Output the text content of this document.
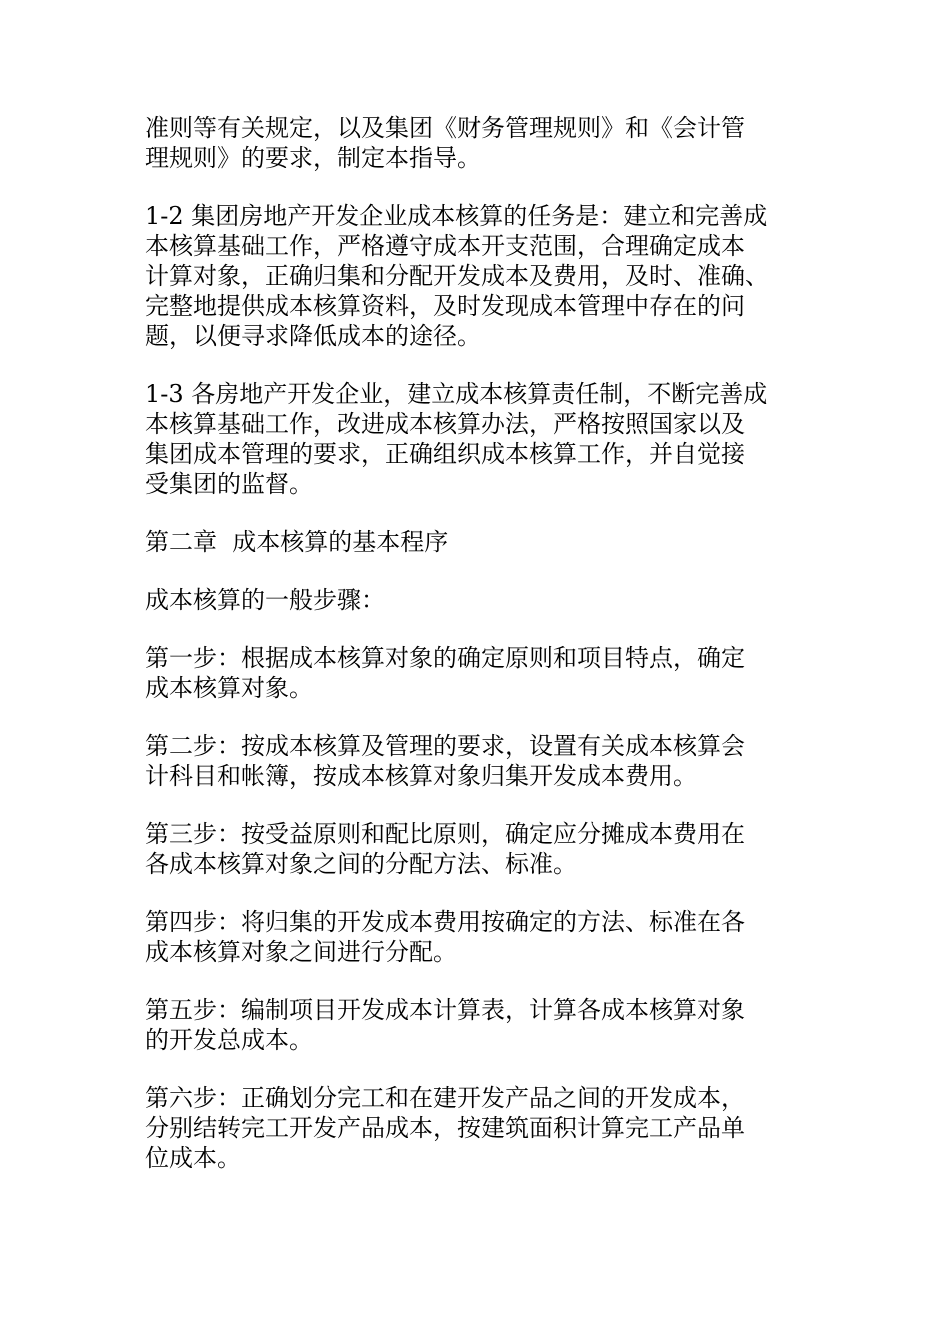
准则等有关规定，以及集团《财务管理规则》和《会计管
理规则》的要求，制定本指导。
1-2 集团房地产开发企业成本核算的任务是：建立和完善成
本核算基础工作，严格遵守成本开支范围，合理确定成本
计算对象，正确归集和分配开发成本及费用，及时、准确、
完整地提供成本核算资料，及时发现成本管理中存在的问
题，以便寻求降低成本的途径。
1-3 各房地产开发企业，建立成本核算责任制，不断完善成
本核算基础工作，改进成本核算办法，严格按照国家以及
集团成本管理的要求，正确组织成本核算工作，并自觉接
受集团的监督。
第二章  成本核算的基本程序
成本核算的一般步骤：
第一步：根据成本核算对象的确定原则和项目特点，确定
成本核算对象。
第二步：按成本核算及管理的要求，设置有关成本核算会
计科目和帐簿，按成本核算对象归集开发成本费用。
第三步：按受益原则和配比原则，确定应分摊成本费用在
各成本核算对象之间的分配方法、标准。
第四步：将归集的开发成本费用按确定的方法、标准在各
成本核算对象之间进行分配。
第五步：编制项目开发成本计算表，计算各成本核算对象
的开发总成本。
第六步：正确划分完工和在建开发产品之间的开发成本，
分别结转完工开发产品成本，按建筑面积计算完工产品单
位成本。
